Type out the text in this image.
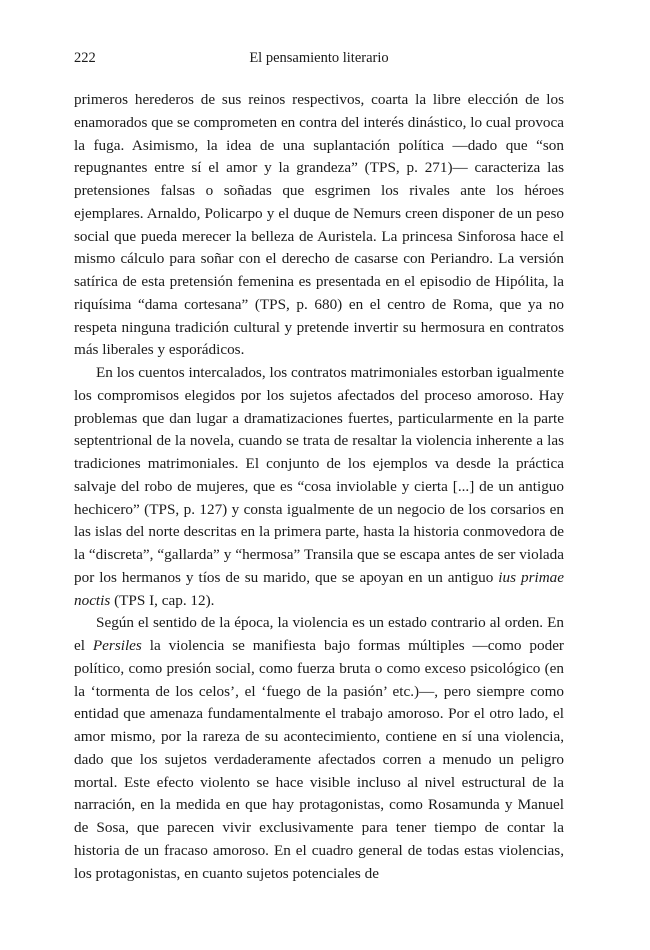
222	El pensamiento literario

primeros herederos de sus reinos respectivos, coarta la libre elección de los enamorados que se comprometen en contra del interés dinástico, lo cual provoca la fuga. Asimismo, la idea de una suplantación política —dado que “son repugnantes entre sí el amor y la grandeza” (TPS, p. 271)— caracteriza las pretensiones falsas o soñadas que esgrimen los rivales ante los héroes ejemplares. Arnaldo, Policarpo y el duque de Nemurs creen disponer de un peso social que pueda merecer la belleza de Auristela. La princesa Sinforosa hace el mismo cálculo para soñar con el derecho de casarse con Periandro. La versión satírica de esta pretensión femenina es presentada en el episodio de Hipólita, la riquísima “dama cortesana” (TPS, p. 680) en el centro de Roma, que ya no respeta ninguna tradición cultural y pretende invertir su hermosura en contratos más liberales y esporádicos.

En los cuentos intercalados, los contratos matrimoniales estorban igualmente los compromisos elegidos por los sujetos afectados del proceso amoroso. Hay problemas que dan lugar a dramatizaciones fuertes, particularmente en la parte septentrional de la novela, cuando se trata de resaltar la violencia inherente a las tradiciones matrimoniales. El conjunto de los ejemplos va desde la práctica salvaje del robo de mujeres, que es “cosa inviolable y cierta [...] de un antiguo hechicero” (TPS, p. 127) y consta igualmente de un negocio de los corsarios en las islas del norte descritas en la primera parte, hasta la historia conmovedora de la “discreta”, “gallarda” y “hermosa” Transila que se escapa antes de ser violada por los hermanos y tíos de su marido, que se apoyan en un antiguo ius primae noctis (TPS I, cap. 12).

Según el sentido de la época, la violencia es un estado contrario al orden. En el Persiles la violencia se manifiesta bajo formas múltiples —como poder político, como presión social, como fuerza bruta o como exceso psicológico (en la ‘tormenta de los celos’, el ‘fuego de la pasión’ etc.)—, pero siempre como entidad que amenaza fundamentalmente el trabajo amoroso. Por el otro lado, el amor mismo, por la rareza de su acontecimiento, contiene en sí una violencia, dado que los sujetos verdaderamente afectados corren a menudo un peligro mortal. Este efecto violento se hace visible incluso al nivel estructural de la narración, en la medida en que hay protagonistas, como Rosamunda y Manuel de Sosa, que parecen vivir exclusivamente para tener tiempo de contar la historia de un fracaso amoroso. En el cuadro general de todas estas violencias, los protagonistas, en cuanto sujetos potenciales de
